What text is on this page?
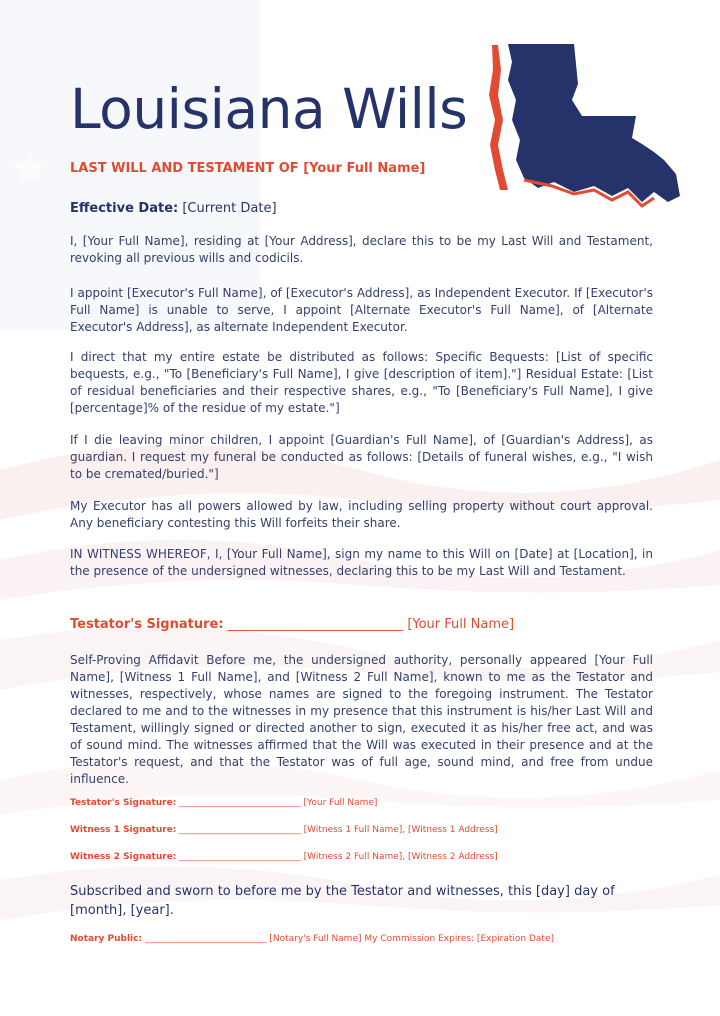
Louisiana Wills
LAST WILL AND TESTAMENT OF [Your Full Name]
Effective Date: [Current Date]

I, [Your Full Name], residing at [Your Address], declare this to be my Last Will and Testament, revoking all previous wills and codicils.

I appoint [Executor's Full Name], of [Executor's Address], as Independent Executor. If [Executor's Full Name] is unable to serve, I appoint [Alternate Executor's Full Name], of [Alternate Executor's Address], as alternate Independent Executor.

I direct that my entire estate be distributed as follows: Specific Bequests: [List of specific bequests, e.g., "To [Beneficiary's Full Name], I give [description of item]."] Residual Estate: [List of residual beneficiaries and their respective shares, e.g., "To [Beneficiary's Full Name], I give [percentage]% of the residue of my estate."]

If I die leaving minor children, I appoint [Guardian's Full Name], of [Guardian's Address], as guardian. I request my funeral be conducted as follows: [Details of funeral wishes, e.g., "I wish to be cremated/buried."]

My Executor has all powers allowed by law, including selling property without court approval. Any beneficiary contesting this Will forfeits their share.

IN WITNESS WHEREOF, I, [Your Full Name], sign my name to this Will on [Date] at [Location], in the presence of the undersigned witnesses, declaring this to be my Last Will and Testament.

Testator's Signature: ___________________________ [Your Full Name]

Self-Proving Affidavit Before me, the undersigned authority, personally appeared [Your Full Name], [Witness 1 Full Name], and [Witness 2 Full Name], known to me as the Testator and witnesses, respectively, whose names are signed to the foregoing instrument. The Testator declared to me and to the witnesses in my presence that this instrument is his/her Last Will and Testament, willingly signed or directed another to sign, executed it as his/her free act, and was of sound mind. The witnesses affirmed that the Will was executed in their presence and at the Testator's request, and that the Testator was of full age, sound mind, and free from undue influence.

Testator's Signature: ___________________________ [Your Full Name]
Witness 1 Signature: ___________________________ [Witness 1 Full Name], [Witness 1 Address]
Witness 2 Signature: ___________________________ [Witness 2 Full Name], [Witness 2 Address]

Subscribed and sworn to before me by the Testator and witnesses, this [day] day of [month], [year].

Notary Public: ___________________________ [Notary's Full Name] My Commission Expires: [Expiration Date]
